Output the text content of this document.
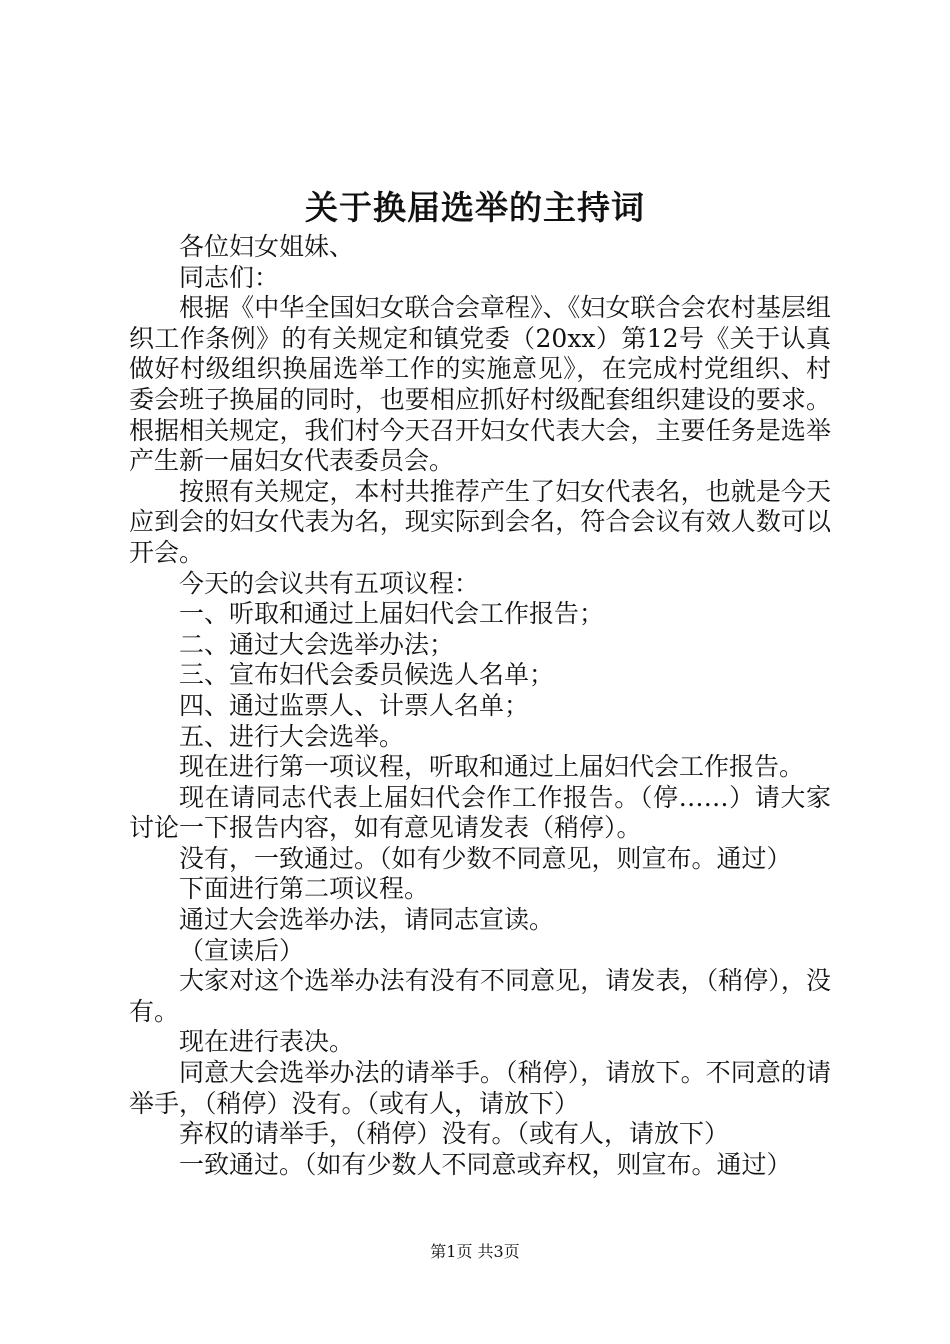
关于换届选举的主持词

各位妇女姐妹、

同志们：

根据《中华全国妇女联合会章程》、《妇女联合会农村基层组织工作条例》的有关规定和镇党委（20xx）第12号《关于认真做好村级组织换届选举工作的实施意见》，在完成村党组织、村委会班子换届的同时，也要相应抓好村级配套组织建设的要求。根据相关规定，我们村今天召开妇女代表大会，主要任务是选举产生新一届妇女代表委员会。

按照有关规定，本村共推荐产生了妇女代表名，也就是今天应到会的妇女代表为名，现实际到会名，符合会议有效人数可以开会。

今天的会议共有五项议程：

一、听取和通过上届妇代会工作报告；

二、通过大会选举办法；

三、宣布妇代会委员候选人名单；

四、通过监票人、计票人名单；

五、进行大会选举。

现在进行第一项议程，听取和通过上届妇代会工作报告。

现在请同志代表上届妇代会作工作报告。（停……）请大家讨论一下报告内容，如有意见请发表（稍停）。

没有，一致通过。（如有少数不同意见，则宣布。通过）

下面进行第二项议程。

通过大会选举办法，请同志宣读。

（宣读后）

大家对这个选举办法有没有不同意见，请发表，（稍停），没有。

现在进行表决。

同意大会选举办法的请举手。（稍停），请放下。不同意的请举手，（稍停）没有。（或有人，请放下）

弃权的请举手，（稍停）没有。（或有人，请放下）

一致通过。（如有少数人不同意或弃权，则宣布。通过）

第1页 共3页
